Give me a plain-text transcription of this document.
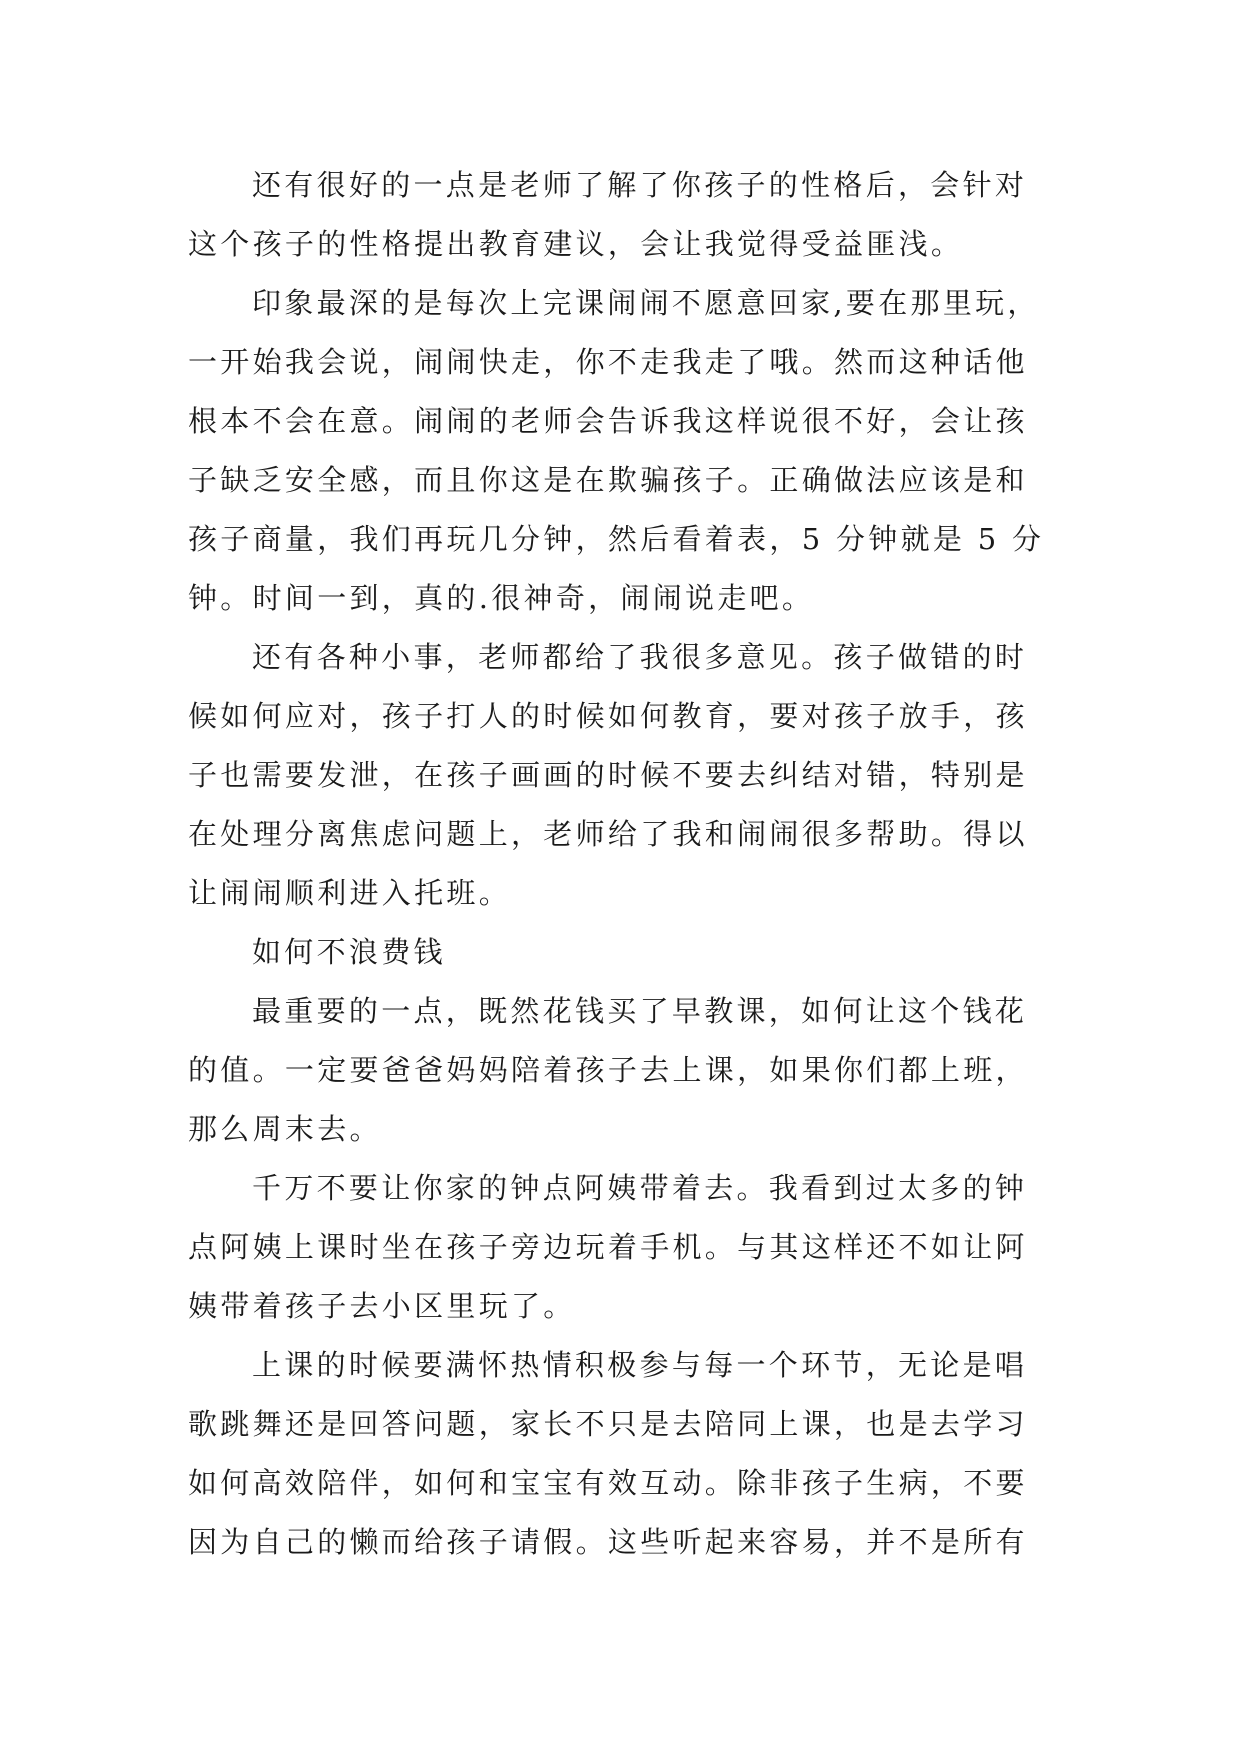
还有很好的一点是老师了解了你孩子的性格后，会针对
这个孩子的性格提出教育建议，会让我觉得受益匪浅。
印象最深的是每次上完课闹闹不愿意回家,要在那里玩，
一开始我会说，闹闹快走，你不走我走了哦。然而这种话他
根本不会在意。闹闹的老师会告诉我这样说很不好，会让孩
子缺乏安全感，而且你这是在欺骗孩子。正确做法应该是和
孩子商量，我们再玩几分钟，然后看着表，5 分钟就是 5 分
钟。时间一到，真的.很神奇，闹闹说走吧。
还有各种小事，老师都给了我很多意见。孩子做错的时
候如何应对，孩子打人的时候如何教育，要对孩子放手，孩
子也需要发泄，在孩子画画的时候不要去纠结对错，特别是
在处理分离焦虑问题上，老师给了我和闹闹很多帮助。得以
让闹闹顺利进入托班。
如何不浪费钱
最重要的一点，既然花钱买了早教课，如何让这个钱花
的值。一定要爸爸妈妈陪着孩子去上课，如果你们都上班，
那么周末去。
千万不要让你家的钟点阿姨带着去。我看到过太多的钟
点阿姨上课时坐在孩子旁边玩着手机。与其这样还不如让阿
姨带着孩子去小区里玩了。
上课的时候要满怀热情积极参与每一个环节，无论是唱
歌跳舞还是回答问题，家长不只是去陪同上课，也是去学习
如何高效陪伴，如何和宝宝有效互动。除非孩子生病，不要
因为自己的懒而给孩子请假。这些听起来容易，并不是所有
